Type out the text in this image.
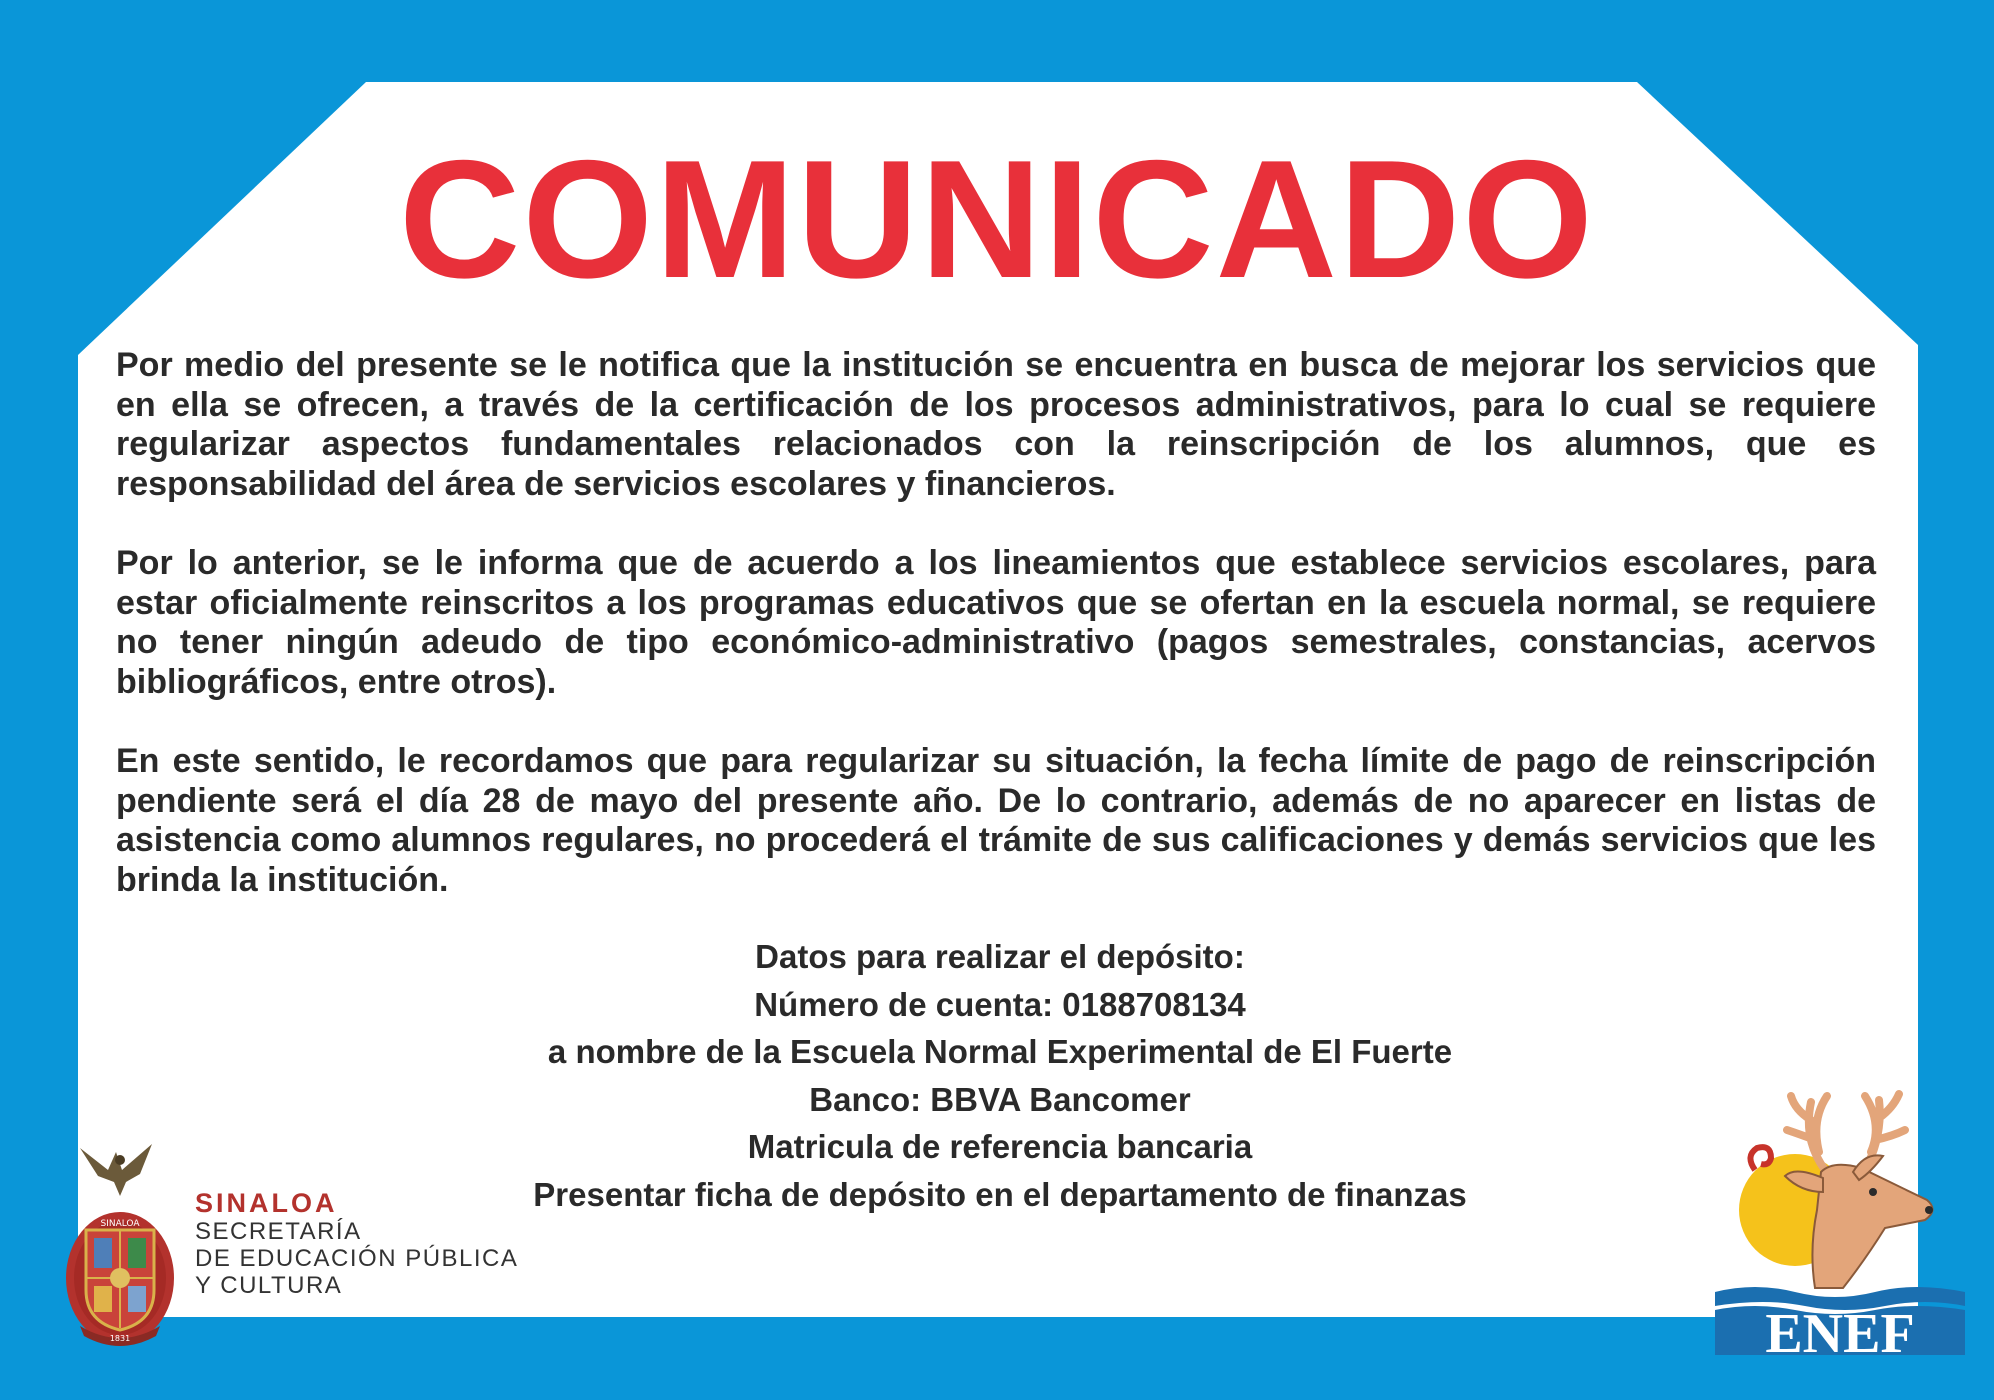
COMUNICADO

Por medio del presente se le notifica que la institución se encuentra en busca de mejorar los servicios que en ella se ofrecen, a través de la certificación de los procesos administrativos, para lo cual se requiere regularizar aspectos fundamentales relacionados con la reinscripción de los alumnos, que es responsabilidad del área de servicios escolares y financieros.

Por lo anterior, se le informa que de acuerdo a los lineamientos que establece servicios escolares, para estar oficialmente reinscritos a los programas educativos que se ofertan en la escuela normal, se requiere no tener ningún adeudo de tipo económico-administrativo (pagos semestrales, constancias, acervos bibliográficos, entre otros).

En este sentido, le recordamos que para regularizar su situación, la fecha límite de pago de reinscripción pendiente será el día 28 de mayo del presente año. De lo contrario, además de no aparecer en listas de asistencia como alumnos regulares, no procederá el trámite de sus calificaciones y demás servicios que les brinda la institución.

Datos para realizar el depósito:
Número de cuenta: 0188708134
a nombre de la Escuela Normal Experimental de El Fuerte
Banco: BBVA Bancomer
Matricula de referencia bancaria
Presentar ficha de depósito en el departamento de finanzas
SINALOA
1831
SINALOA
SECRETARÍA
DE EDUCACIÓN PÚBLICA
Y CULTURA
ENEF
